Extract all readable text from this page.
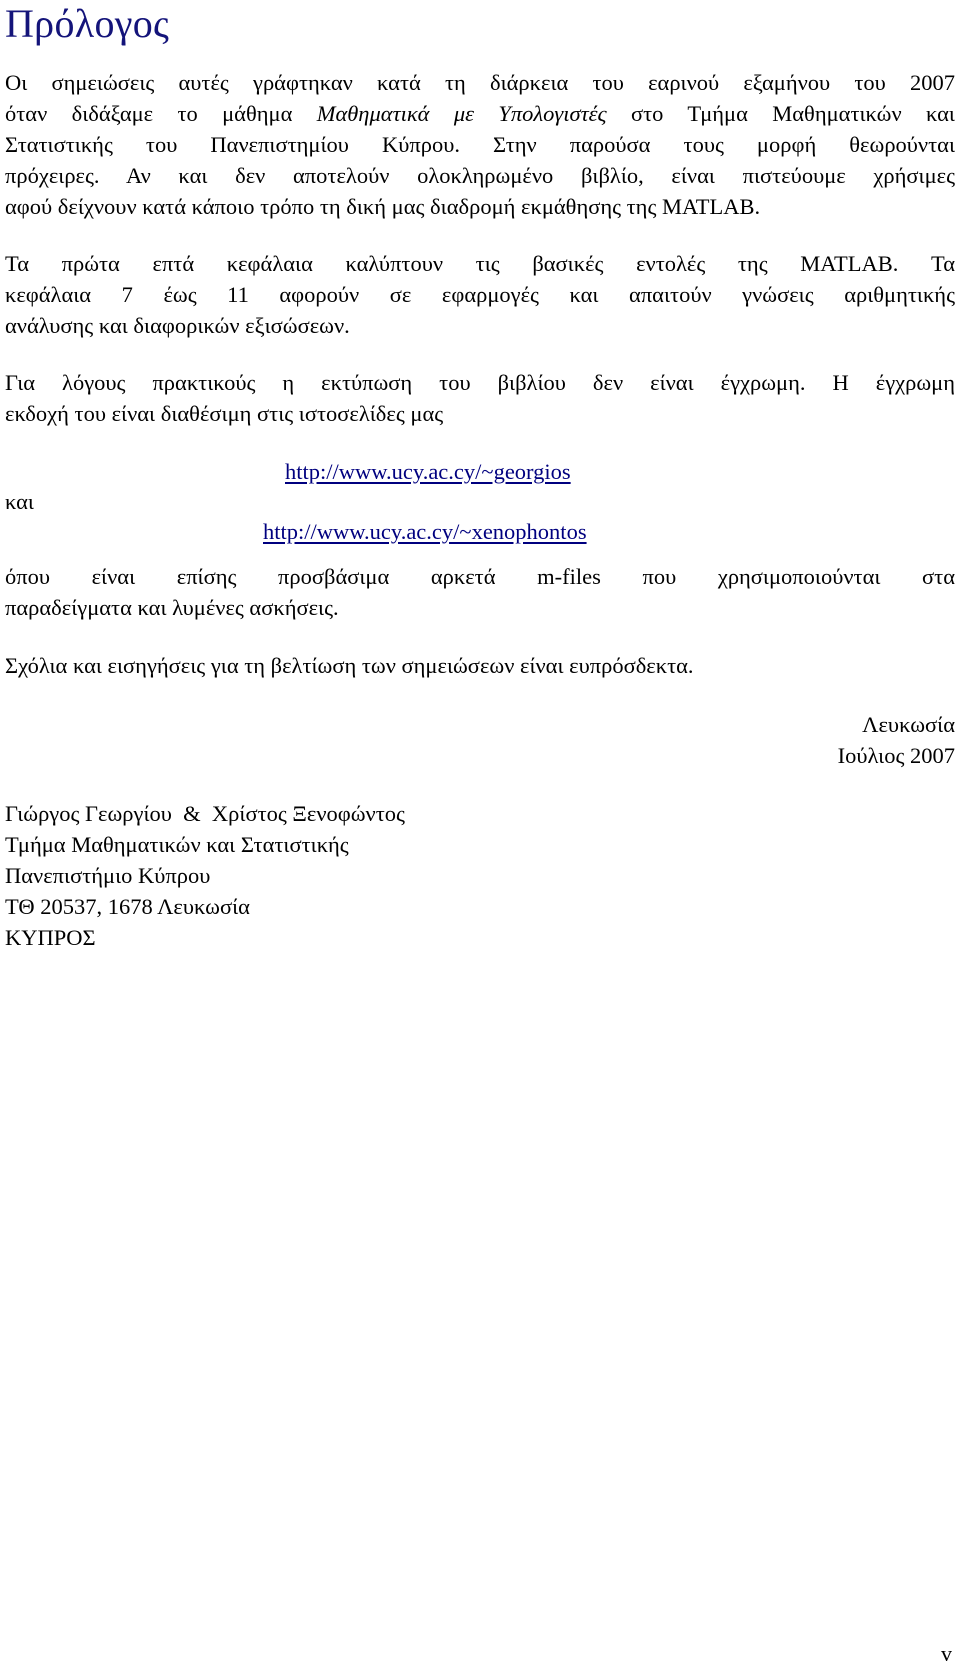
Πρόλογος

Οι σημειώσεις αυτές γράφτηκαν κατά τη διάρκεια του εαρινού εξαμήνου του 2007
όταν διδάξαμε το μάθημα Μαθηματικά με Υπολογιστές στο Τμήμα Μαθηματικών και
Στατιστικής του Πανεπιστημίου Κύπρου. Στην παρούσα τους μορφή θεωρούνται
πρόχειρες. Αν και δεν αποτελούν ολοκληρωμένο βιβλίο, είναι πιστεύουμε χρήσιμες
αφού δείχνουν κατά κάποιο τρόπο τη δική μας διαδρομή εκμάθησης της MATLAB.

Τα πρώτα επτά κεφάλαια καλύπτουν τις βασικές εντολές της MATLAB. Τα
κεφάλαια 7 έως 11 αφορούν σε εφαρμογές και απαιτούν γνώσεις αριθμητικής
ανάλυσης και διαφορικών εξισώσεων.

Για λόγους πρακτικούς η εκτύπωση του βιβλίου δεν είναι έγχρωμη. Η έγχρωμη
εκδοχή του είναι διαθέσιμη στις ιστοσελίδες μας

http://www.ucy.ac.cy/~georgios
και
http://www.ucy.ac.cy/~xenophontos

όπου είναι επίσης προσβάσιμα αρκετά m-files που χρησιμοποιούνται στα
παραδείγματα και λυμένες ασκήσεις.

Σχόλια και εισηγήσεις για τη βελτίωση των σημειώσεων είναι ευπρόσδεκτα.

Λευκωσία
Ιούλιος 2007
Γιώργος Γεωργίου  &  Χρίστος Ξενοφώντος
Τμήμα Μαθηματικών και Στατιστικής
Πανεπιστήμιο Κύπρου
ΤΘ 20537, 1678 Λευκωσία
ΚΥΠΡΟΣ
v
